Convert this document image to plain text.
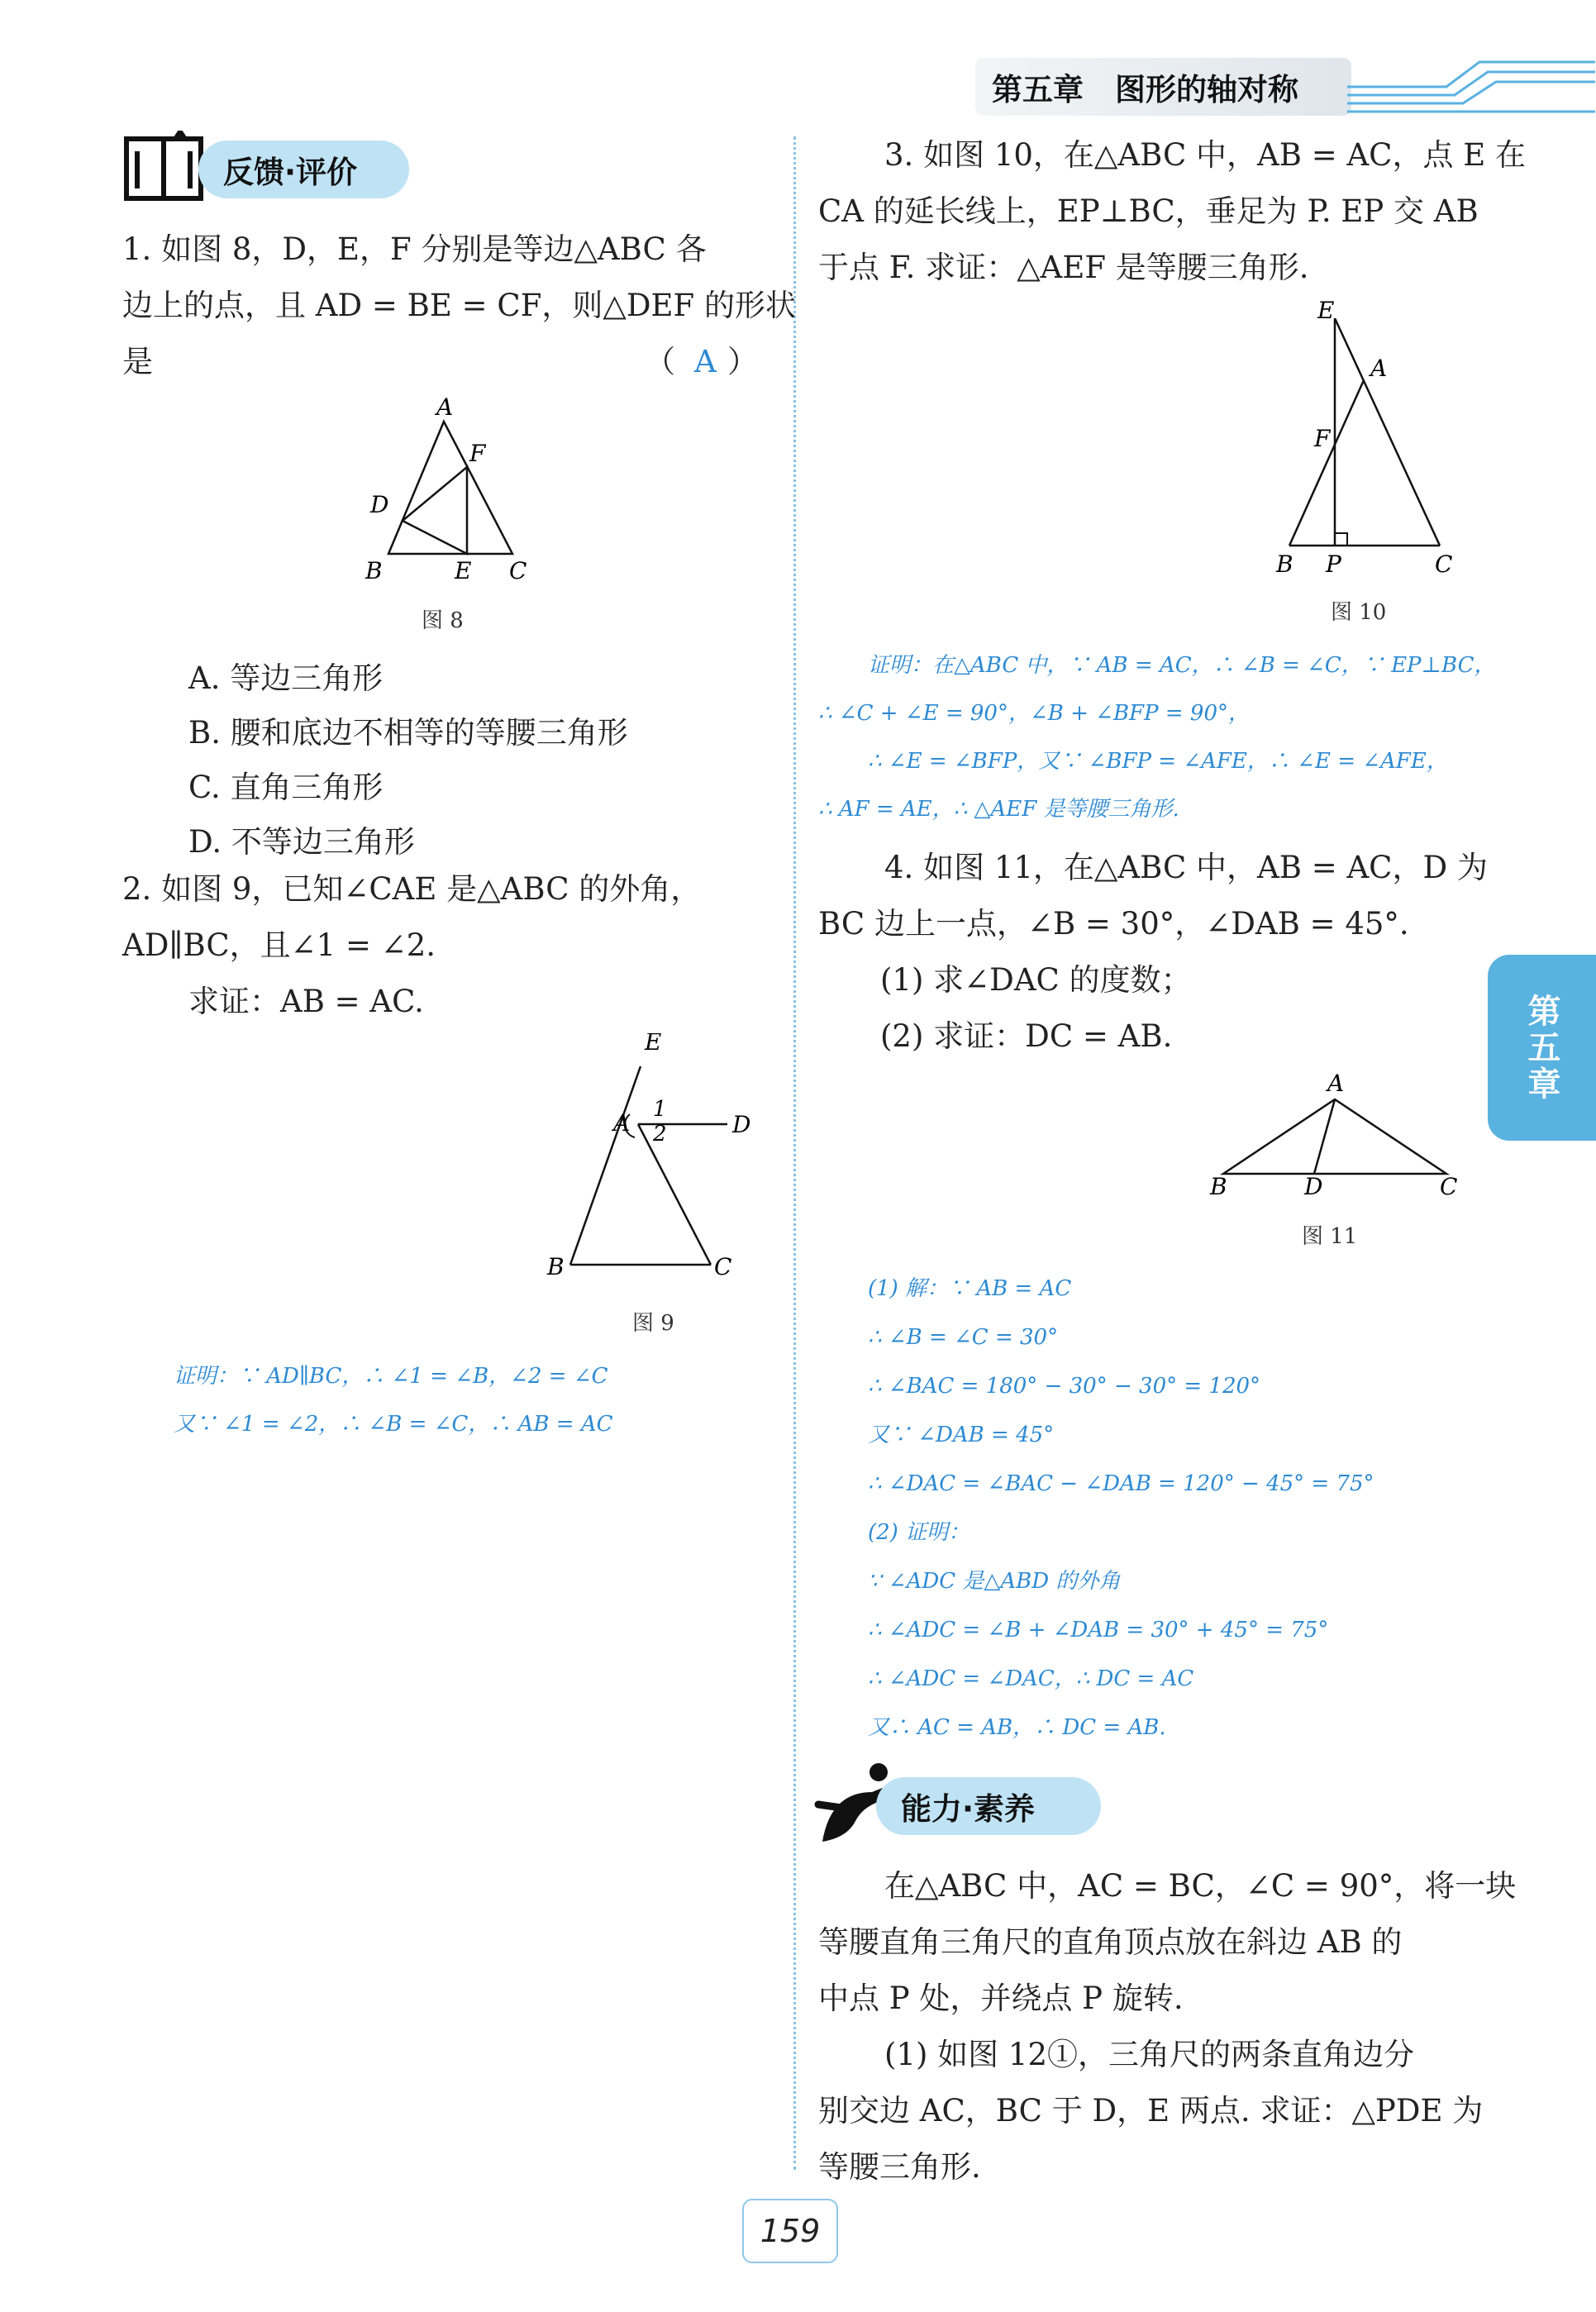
第五章 图形的轴对称
第五章
反馈·评价
1. 如图 8，D，E，F 分别是等边△ABC 各
边上的点，且 AD = BE = CF，则△DEF 的形状
是	（ A ）
A
F
D
B	E C
图 8
A. 等边三角形
B. 腰和底边不相等的等腰三角形
C. 直角三角形
D. 不等边三角形
2. 如图 9，已知∠CAE 是△ABC 的外角，
AD∥BC，且∠1 = ∠2.
求证：AB = AC.
E
A 1
2	D
B	C
图 9
证明：∵ AD∥BC，∴ ∠1 = ∠B，∠2 = ∠C
又∵ ∠1 = ∠2，∴ ∠B = ∠C，∴ AB = AC
3. 如图 10，在△ABC 中，AB = AC，点 E 在
CA 的延长线上，EP⊥BC，垂足为 P. EP 交 AB
于点 F. 求证：△AEF 是等腰三角形.
E
A
F
B P	C
图 10
证明：在△ABC 中，∵ AB = AC，∴ ∠B = ∠C，∵ EP⊥BC，
∴ ∠C + ∠E = 90°，∠B + ∠BFP = 90°，
∴ ∠E = ∠BFP，又∵ ∠BFP = ∠AFE，∴ ∠E = ∠AFE，
∴ AF = AE，∴ △AEF 是等腰三角形.
4. 如图 11，在△ABC 中，AB = AC，D 为
BC 边上一点，∠B = 30°，∠DAB = 45°.
(1) 求∠DAC 的度数；
(2) 求证：DC = AB.
A
B	D	C
图 11
(1) 解：∵ AB = AC
∴ ∠B = ∠C = 30°
∴ ∠BAC = 180° − 30° − 30° = 120°
又∵ ∠DAB = 45°
∴ ∠DAC = ∠BAC − ∠DAB = 120° − 45° = 75°
(2) 证明：
∵ ∠ADC 是△ABD 的外角
∴ ∠ADC = ∠B + ∠DAB = 30° + 45° = 75°
∴ ∠ADC = ∠DAC，∴ DC = AC
又∴ AC = AB，∴ DC = AB.
能力·素养
在△ABC 中，AC = BC，∠C = 90°，将一块
等腰直角三角尺的直角顶点放在斜边 AB 的
中点 P 处，并绕点 P 旋转.
(1) 如图 12①，三角尺的两条直角边分
别交边 AC，BC 于 D，E 两点. 求证：△PDE 为
等腰三角形.
159
